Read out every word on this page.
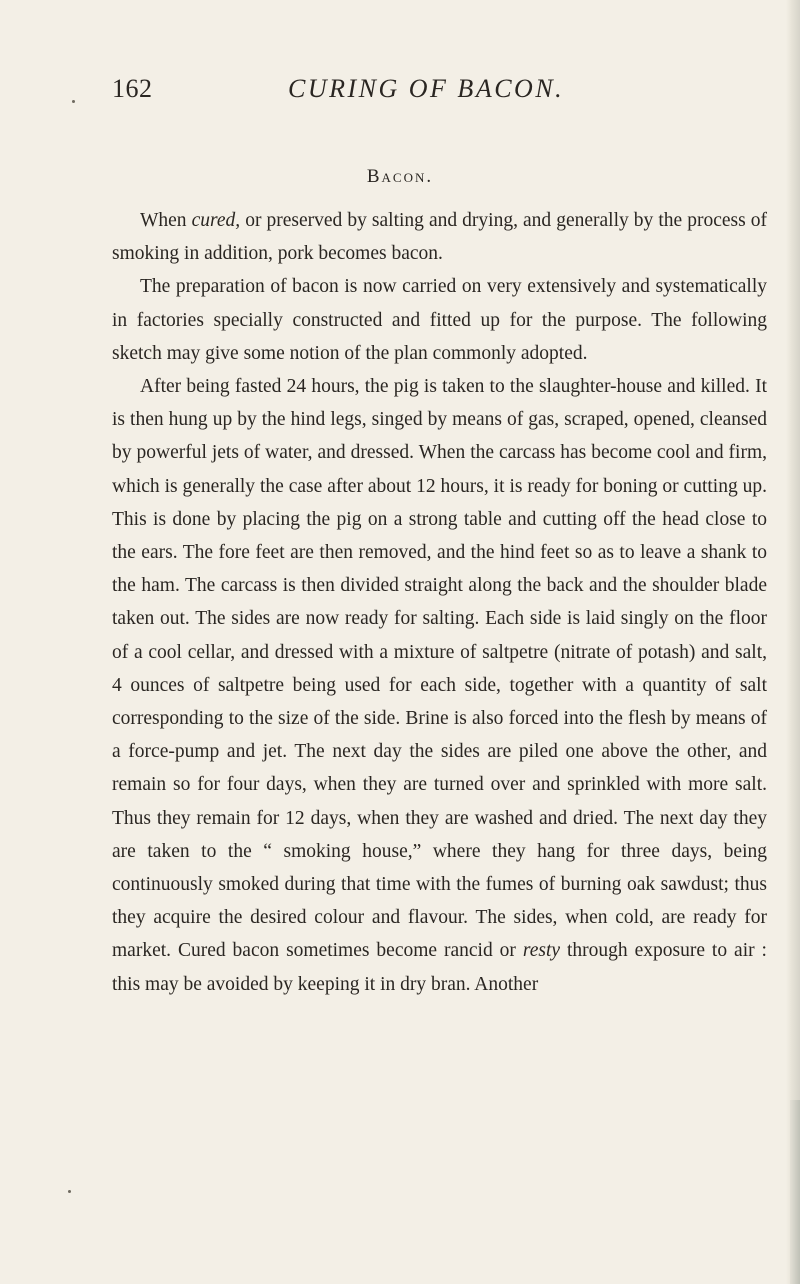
162	CURING OF BACON.
Bacon.

When cured, or preserved by salting and drying, and generally by the process of smoking in addition, pork becomes bacon.

The preparation of bacon is now carried on very extensively and systematically in factories specially constructed and fitted up for the purpose. The following sketch may give some notion of the plan commonly adopted.

After being fasted 24 hours, the pig is taken to the slaughter-house and killed. It is then hung up by the hind legs, singed by means of gas, scraped, opened, cleansed by powerful jets of water, and dressed. When the carcass has become cool and firm, which is generally the case after about 12 hours, it is ready for boning or cutting up. This is done by placing the pig on a strong table and cutting off the head close to the ears. The fore feet are then removed, and the hind feet so as to leave a shank to the ham. The carcass is then divided straight along the back and the shoulder blade taken out. The sides are now ready for salting. Each side is laid singly on the floor of a cool cellar, and dressed with a mixture of saltpetre (nitrate of potash) and salt, 4 ounces of saltpetre being used for each side, together with a quantity of salt corresponding to the size of the side. Brine is also forced into the flesh by means of a force-pump and jet. The next day the sides are piled one above the other, and remain so for four days, when they are turned over and sprinkled with more salt. Thus they remain for 12 days, when they are washed and dried. The next day they are taken to the “ smoking house,” where they hang for three days, being continuously smoked during that time with the fumes of burning oak sawdust; thus they acquire the desired colour and flavour. The sides, when cold, are ready for market. Cured bacon sometimes become rancid or resty through exposure to air : this may be avoided by keeping it in dry bran. Another
